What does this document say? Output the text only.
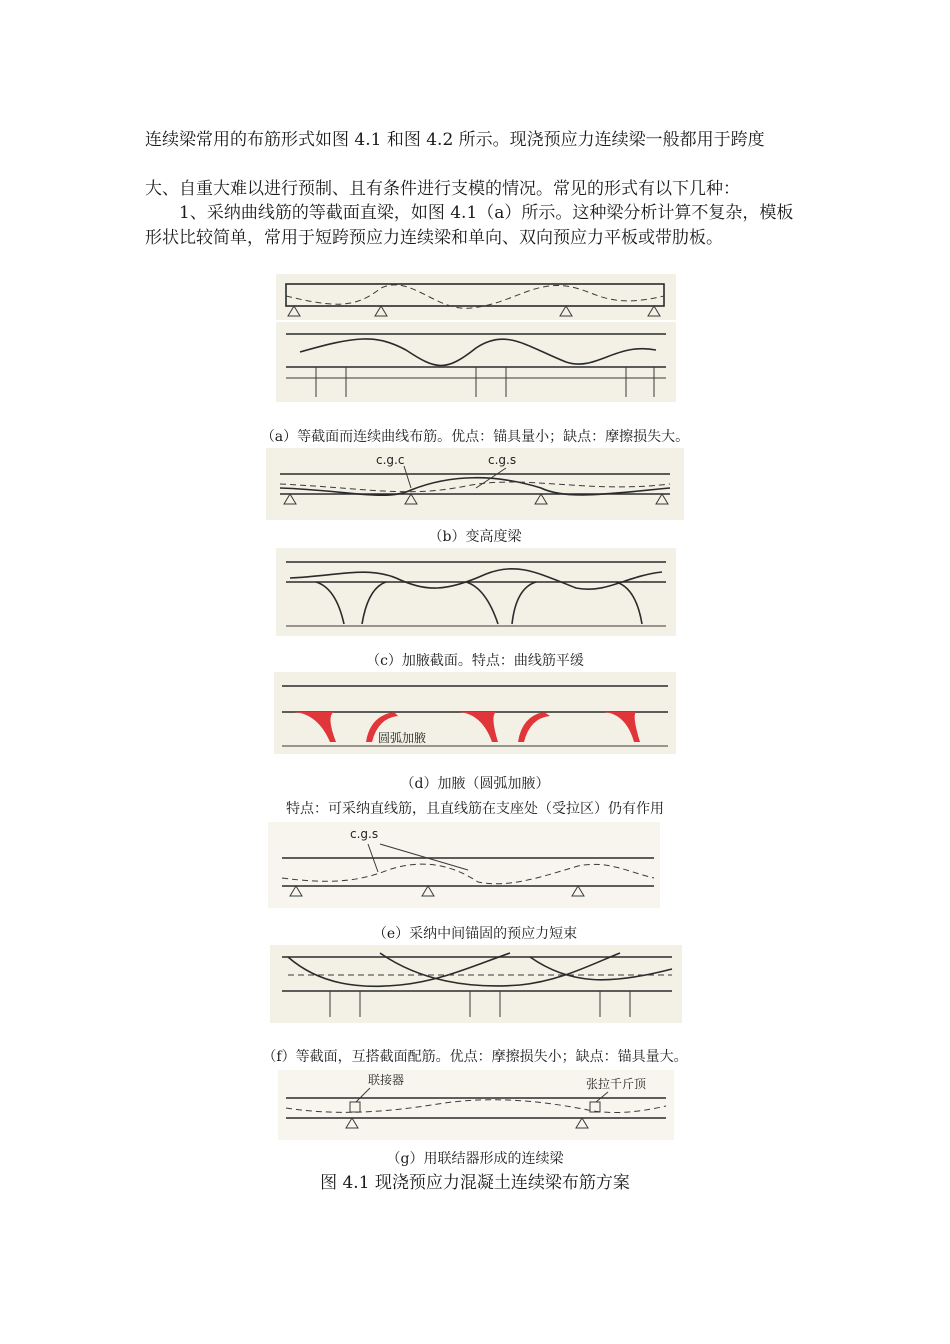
连续梁常用的布筋形式如图 4.1 和图 4.2 所示。现浇预应力连续梁一般都用于跨度

大、自重大难以进行预制、且有条件进行支模的情况。常见的形式有以下几种：

　　1、采纳曲线筋的等截面直梁，如图 4.1（a）所示。这种梁分析计算不复杂，模板形状比较简单，常用于短跨预应力连续梁和单向、双向预应力平板或带肋板。

（a）等截面而连续曲线布筋。优点：锚具量小；缺点：摩擦损失大。

c.g.c	c.g.s

（b）变高度梁

（c）加腋截面。特点：曲线筋平缓

圆弧加腋

（d）加腋（圆弧加腋）

特点：可采纳直线筋，且直线筋在支座处（受拉区）仍有作用

c.g.s

（e）采纳中间锚固的预应力短束

（f）等截面，互搭截面配筋。优点：摩擦损失小；缺点：锚具量大。

联接器	张拉千斤顶

（g）用联结器形成的连续梁

图 4.1 现浇预应力混凝土连续梁布筋方案
